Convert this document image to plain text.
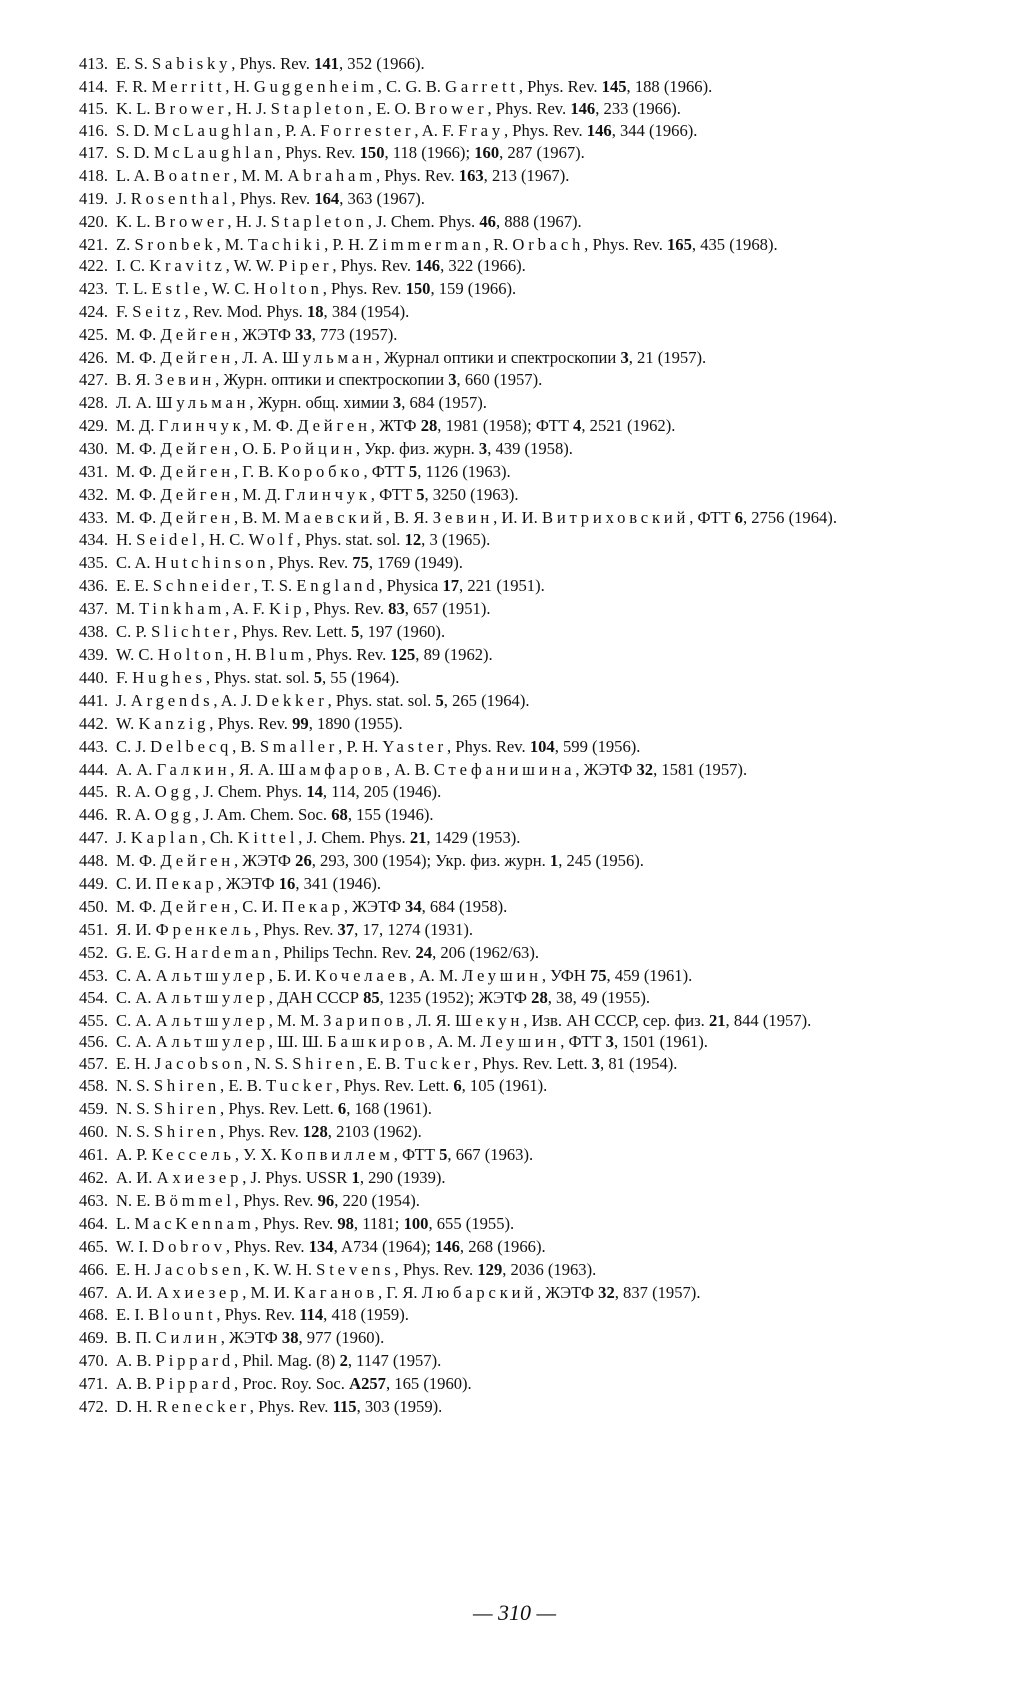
413. E. S. Sabisky, Phys. Rev. 141, 352 (1966).
414. F. R. Merritt, H. Guggenheim, C. G. B. Garrett, Phys. Rev. 145, 188 (1966).
415. K. L. Brower, H. J. Stapleton, E. O. Brower, Phys. Rev. 146, 233 (1966).
416. S. D. McLaughlan, P. A. Forrester, A. F. Fray, Phys. Rev. 146, 344 (1966).
417. S. D. McLaughlan, Phys. Rev. 150, 118 (1966); 160, 287 (1967).
418. L. A. Boatner, M. M. Abraham, Phys. Rev. 163, 213 (1967).
419. J. Rosenthal, Phys. Rev. 164, 363 (1967).
420. K. L. Brower, H. J. Stapleton, J. Chem. Phys. 46, 888 (1967).
421. Z. Sronbek, M. Tachiki, P. H. Zimmerman, R. Orbach, Phys. Rev. 165, 435 (1968).
422. I. C. Kravitz, W. W. Piper, Phys. Rev. 146, 322 (1966).
423. T. L. Estle, W. C. Holton, Phys. Rev. 150, 159 (1966).
424. F. Seitz, Rev. Mod. Phys. 18, 384 (1954).
425. М. Ф. Дейген, ЖЭТФ 33, 773 (1957).
426. М. Ф. Дейген, Л. А. Шульман, Журнал оптики и спектроскопии 3, 21 (1957).
427. В. Я. Зевин, Журн. оптики и спектроскопии 3, 660 (1957).
428. Л. А. Шульман, Журн. общ. химии 3, 684 (1957).
429. М. Д. Глинчук, М. Ф. Дейген, ЖТФ 28, 1981 (1958); ФТТ 4, 2521 (1962).
430. М. Ф. Дейген, О. Б. Ройцин, Укр. физ. журн. 3, 439 (1958).
431. М. Ф. Дейген, Г. В. Коробко, ФТТ 5, 1126 (1963).
432. М. Ф. Дейген, М. Д. Глинчук, ФТТ 5, 3250 (1963).
433. М. Ф. Дейген, В. М. Маевский, В. Я. Зевин, И. И. Витриховский, ФТТ 6, 2756 (1964).
434. H. Seidel, H. C. Wolf, Phys. stat. sol. 12, 3 (1965).
435. C. A. Hutchinson, Phys. Rev. 75, 1769 (1949).
436. E. E. Schneider, T. S. England, Physica 17, 221 (1951).
437. M. Tinkham, A. F. Kip, Phys. Rev. 83, 657 (1951).
438. C. P. Slichter, Phys. Rev. Lett. 5, 197 (1960).
439. W. C. Holton, H. Blum, Phys. Rev. 125, 89 (1962).
440. F. Hughes, Phys. stat. sol. 5, 55 (1964).
441. J. Argends, A. J. Dekker, Phys. stat. sol. 5, 265 (1964).
442. W. Kanzig, Phys. Rev. 99, 1890 (1955).
443. C. J. Delbecq, B. Smaller, P. H. Yaster, Phys. Rev. 104, 599 (1956).
444. А. А. Галкин, Я. А. Шамфаров, А. В. Стефанишина, ЖЭТФ 32, 1581 (1957).
445. R. A. Ogg, J. Chem. Phys. 14, 114, 205 (1946).
446. R. A. Ogg, J. Am. Chem. Soc. 68, 155 (1946).
447. J. Kaplan, Ch. Kittel, J. Chem. Phys. 21, 1429 (1953).
448. М. Ф. Дейген, ЖЭТФ 26, 293, 300 (1954); Укр. физ. журн. 1, 245 (1956).
449. С. И. Пекар, ЖЭТФ 16, 341 (1946).
450. М. Ф. Дейген, С. И. Пекар, ЖЭТФ 34, 684 (1958).
451. Я. И. Френкель, Phys. Rev. 37, 17, 1274 (1931).
452. G. E. G. Hardeman, Philips Techn. Rev. 24, 206 (1962/63).
453. С. А. Альтшулер, Б. И. Кочелаев, А. М. Леушин, УФН 75, 459 (1961).
454. С. А. Альтшулер, ДАН СССР 85, 1235 (1952); ЖЭТФ 28, 38, 49 (1955).
455. С. А. Альтшулер, М. М. Зарипов, Л. Я. Шекун, Изв. АН СССР, сер. физ. 21, 844 (1957).
456. С. А. Альтшулер, Ш. Ш. Башкиров, А. М. Леушин, ФТТ 3, 1501 (1961).
457. E. H. Jacobson, N. S. Shiren, E. B. Tucker, Phys. Rev. Lett. 3, 81 (1954).
458. N. S. Shiren, E. B. Tucker, Phys. Rev. Lett. 6, 105 (1961).
459. N. S. Shiren, Phys. Rev. Lett. 6, 168 (1961).
460. N. S. Shiren, Phys. Rev. 128, 2103 (1962).
461. А. Р. Кессель, У. Х. Копвиллем, ФТТ 5, 667 (1963).
462. А. И. Ахиезер, J. Phys. USSR 1, 290 (1939).
463. N. E. Bömmel, Phys. Rev. 96, 220 (1954).
464. L. MacKennam, Phys. Rev. 98, 1181; 100, 655 (1955).
465. W. I. Dobrov, Phys. Rev. 134, A734 (1964); 146, 268 (1966).
466. E. H. Jacobsen, K. W. H. Stevens, Phys. Rev. 129, 2036 (1963).
467. А. И. Ахиезер, М. И. Каганов, Г. Я. Любарский, ЖЭТФ 32, 837 (1957).
468. E. I. Blount, Phys. Rev. 114, 418 (1959).
469. В. П. Силин, ЖЭТФ 38, 977 (1960).
470. A. B. Pippard, Phil. Mag. (8) 2, 1147 (1957).
471. A. B. Pippard, Proc. Roy. Soc. A257, 165 (1960).
472. D. H. Renecker, Phys. Rev. 115, 303 (1959).
— 310 —
